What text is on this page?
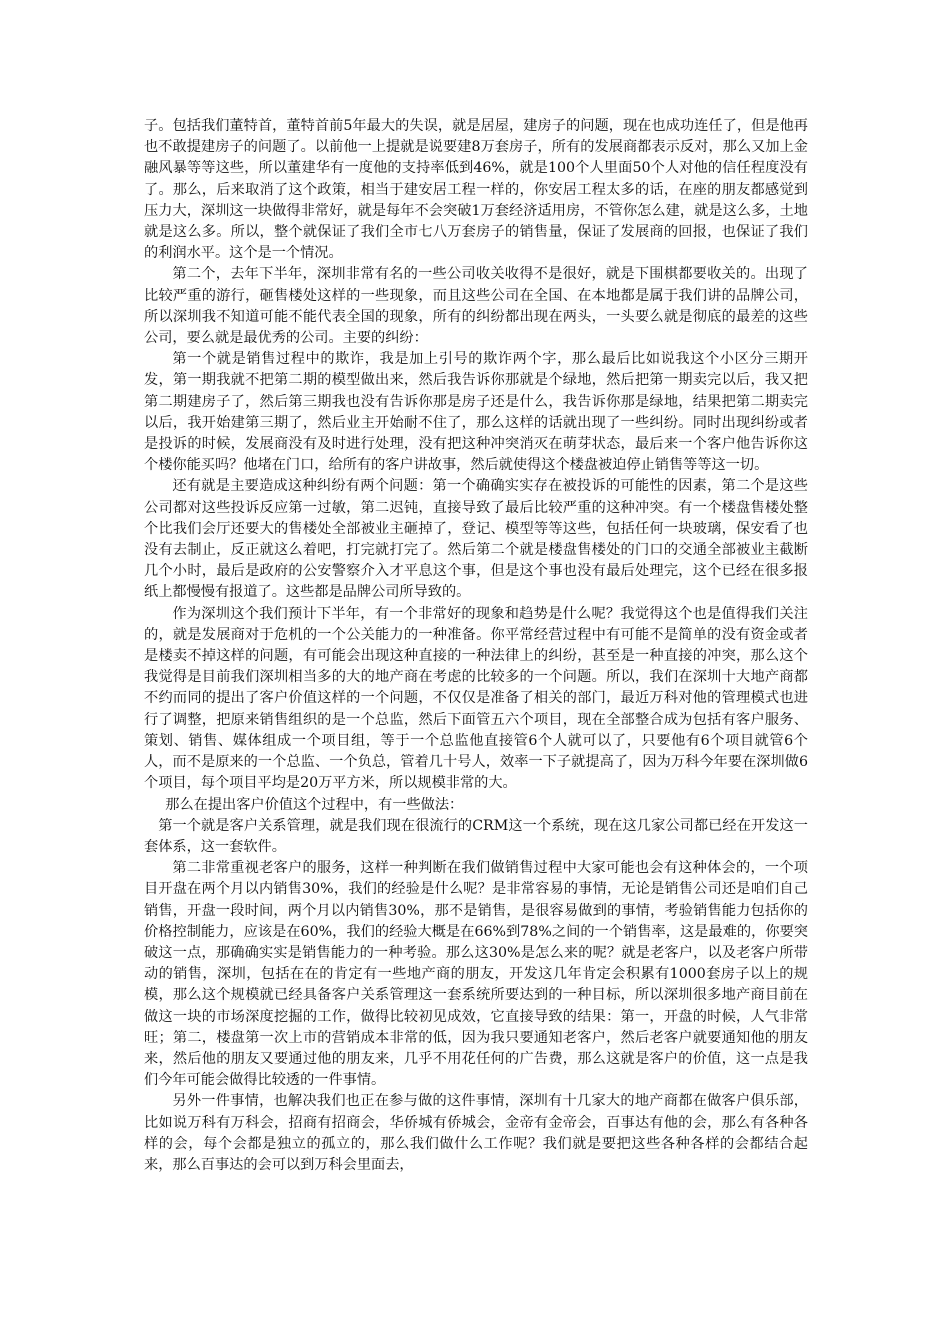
子。包括我们董特首，董特首前5年最大的失误，就是居屋，建房子的问题，现在也成功连任了，但是他再也不敢提建房子的问题了。以前他一上提就是说要建8万套房子，所有的发展商都表示反对，那么又加上金融风暴等等这些，所以董建华有一度他的支持率低到46%，就是100个人里面50个人对他的信任程度没有了。那么，后来取消了这个政策，相当于建安居工程一样的，你安居工程太多的话，在座的朋友都感觉到压力大，深圳这一块做得非常好，就是每年不会突破1万套经济适用房，不管你怎么建，就是这么多，土地就是这么多。所以，整个就保证了我们全市七八万套房子的销售量，保证了发展商的回报，也保证了我们的利润水平。这个是一个情况。

第二个，去年下半年，深圳非常有名的一些公司收关收得不是很好，就是下围棋都要收关的。出现了比较严重的游行，砸售楼处这样的一些现象，而且这些公司在全国、在本地都是属于我们讲的品牌公司，所以深圳我不知道可能不能代表全国的现象，所有的纠纷都出现在两头，一头要么就是彻底的最差的这些公司，要么就是最优秀的公司。主要的纠纷：

第一个就是销售过程中的欺诈，我是加上引号的欺诈两个字，那么最后比如说我这个小区分三期开发，第一期我就不把第二期的模型做出来，然后我告诉你那就是个绿地，然后把第一期卖完以后，我又把第二期建房子了，然后第三期我也没有告诉你那是房子还是什么，我告诉你那是绿地，结果把第二期卖完以后，我开始建第三期了，然后业主开始耐不住了，那么这样的话就出现了一些纠纷。同时出现纠纷或者是投诉的时候，发展商没有及时进行处理，没有把这种冲突消灭在萌芽状态，最后来一个客户他告诉你这个楼你能买吗？他堵在门口，给所有的客户讲故事，然后就使得这个楼盘被迫停止销售等等这一切。

还有就是主要造成这种纠纷有两个问题：第一个确确实实存在被投诉的可能性的因素，第二个是这些公司都对这些投诉反应第一过敏，第二迟钝，直接导致了最后比较严重的这种冲突。有一个楼盘售楼处整个比我们会厅还要大的售楼处全部被业主砸掉了，登记、模型等等这些，包括任何一块玻璃，保安看了也没有去制止，反正就这么着吧，打完就打完了。然后第二个就是楼盘售楼处的门口的交通全部被业主截断几个小时，最后是政府的公安警察介入才平息这个事，但是这个事也没有最后处理完，这个已经在很多报纸上都慢慢有报道了。这些都是品牌公司所导致的。

作为深圳这个我们预计下半年，有一个非常好的现象和趋势是什么呢？我觉得这个也是值得我们关注的，就是发展商对于危机的一个公关能力的一种准备。你平常经营过程中有可能不是简单的没有资金或者是楼卖不掉这样的问题，有可能会出现这种直接的一种法律上的纠纷，甚至是一种直接的冲突，那么这个我觉得是目前我们深圳相当多的大的地产商在考虑的比较多的一个问题。所以，我们在深圳十大地产商都不约而同的提出了客户价值这样的一个问题，不仅仅是准备了相关的部门，最近万科对他的管理模式也进行了调整，把原来销售组织的是一个总监，然后下面管五六个项目，现在全部整合成为包括有客户服务、策划、销售、媒体组成一个项目组，等于一个总监他直接管6个人就可以了，只要他有6个项目就管6个人，而不是原来的一个总监、一个负总，管着几十号人，效率一下子就提高了，因为万科今年要在深圳做6个项目，每个项目平均是20万平方米，所以规模非常的大。

那么在提出客户价值这个过程中，有一些做法：

第一个就是客户关系管理，就是我们现在很流行的CRM这一个系统，现在这几家公司都已经在开发这一套体系，这一套软件。

第二非常重视老客户的服务，这样一种判断在我们做销售过程中大家可能也会有这种体会的，一个项目开盘在两个月以内销售30%，我们的经验是什么呢？是非常容易的事情，无论是销售公司还是咱们自己销售，开盘一段时间，两个月以内销售30%，那不是销售，是很容易做到的事情，考验销售能力包括你的价格控制能力，应该是在60%，我们的经验大概是在66%到78%之间的一个销售率，这是最难的，你要突破这一点，那确确实实是销售能力的一种考验。那么这30%是怎么来的呢？就是老客户，以及老客户所带动的销售，深圳，包括在在的肯定有一些地产商的朋友，开发这几年肯定会积累有1000套房子以上的规模，那么这个规模就已经具备客户关系管理这一套系统所要达到的一种目标，所以深圳很多地产商目前在做这一块的市场深度挖掘的工作，做得比较初见成效，它直接导致的结果：第一，开盘的时候，人气非常旺；第二，楼盘第一次上市的营销成本非常的低，因为我只要通知老客户，然后老客户就要通知他的朋友来，然后他的朋友又要通过他的朋友来，几乎不用花任何的广告费，那么这就是客户的价值，这一点是我们今年可能会做得比较透的一件事情。

另外一件事情，也解决我们也正在参与做的这件事情，深圳有十几家大的地产商都在做客户俱乐部，比如说万科有万科会，招商有招商会，华侨城有侨城会，金帝有金帝会，百事达有他的会，那么有各种各样的会，每个会都是独立的孤立的，那么我们做什么工作呢？我们就是要把这些各种各样的会都结合起来，那么百事达的会可以到万科会里面去，
